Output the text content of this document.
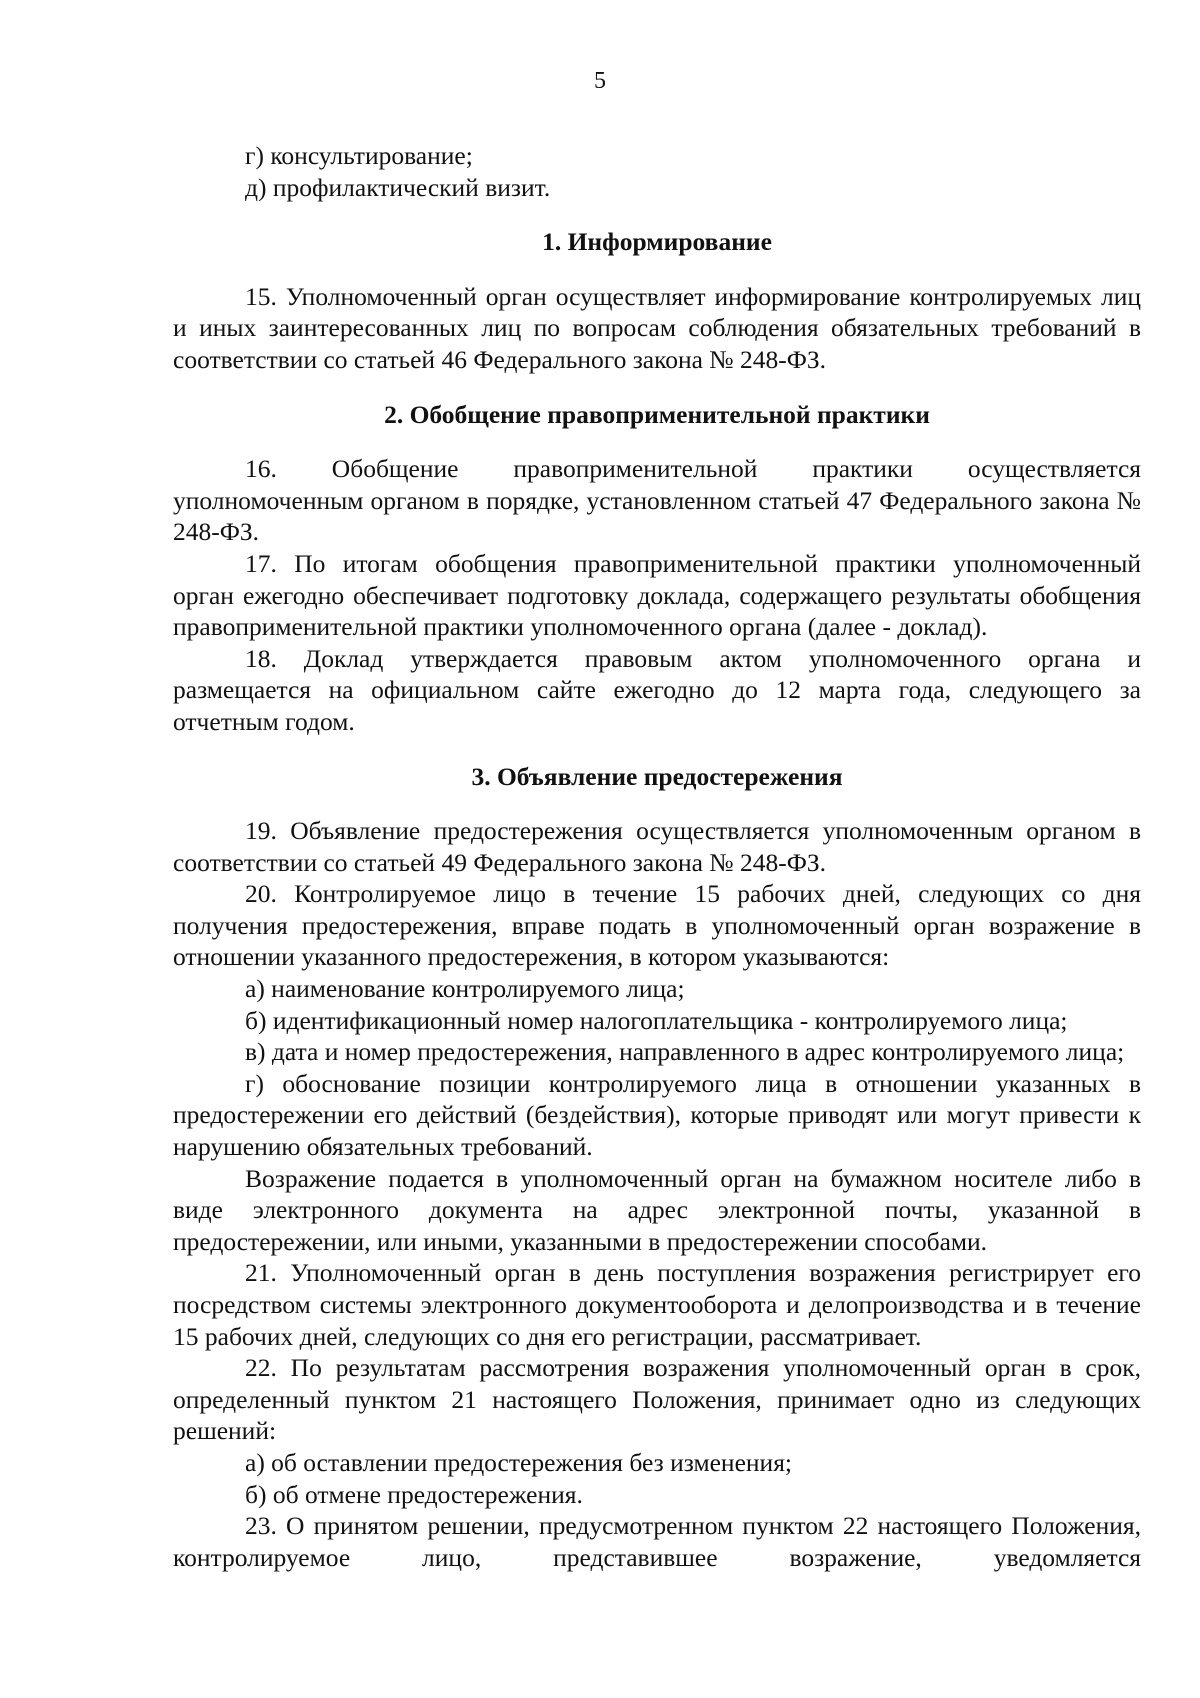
5

г) консультирование;

д) профилактический визит.

1. Информирование

15. Уполномоченный орган осуществляет информирование контролируемых лиц и иных заинтересованных лиц по вопросам соблюдения обязательных требований в соответствии со статьей 46 Федерального закона № 248-ФЗ.

2. Обобщение правоприменительной практики

16. Обобщение правоприменительной практики осуществляется уполномоченным органом в порядке, установленном статьей 47 Федерального закона № 248-ФЗ.

17. По итогам обобщения правоприменительной практики уполномоченный орган ежегодно обеспечивает подготовку доклада, содержащего результаты обобщения правоприменительной практики уполномоченного органа (далее - доклад).

18. Доклад утверждается правовым актом уполномоченного органа и размещается на официальном сайте ежегодно до 12 марта года, следующего за отчетным годом.

3. Объявление предостережения

19. Объявление предостережения осуществляется уполномоченным органом в соответствии со статьей 49 Федерального закона № 248-ФЗ.

20. Контролируемое лицо в течение 15 рабочих дней, следующих со дня получения предостережения, вправе подать в уполномоченный орган возражение в отношении указанного предостережения, в котором указываются:

а) наименование контролируемого лица;

б) идентификационный номер налогоплательщика - контролируемого лица;

в) дата и номер предостережения, направленного в адрес контролируемого лица;

г) обоснование позиции контролируемого лица в отношении указанных в предостережении его действий (бездействия), которые приводят или могут привести к нарушению обязательных требований.

Возражение подается в уполномоченный орган на бумажном носителе либо в виде электронного документа на адрес электронной почты, указанной в предостережении, или иными, указанными в предостережении способами.

21. Уполномоченный орган в день поступления возражения регистрирует его посредством системы электронного документооборота и делопроизводства и в течение 15 рабочих дней, следующих со дня его регистрации, рассматривает.

22. По результатам рассмотрения возражения уполномоченный орган в срок, определенный пунктом 21 настоящего Положения, принимает одно из следующих решений:

а) об оставлении предостережения без изменения;

б) об отмене предостережения.

23. О принятом решении, предусмотренном пунктом 22 настоящего Положения, контролируемое лицо, представившее возражение, уведомляется
